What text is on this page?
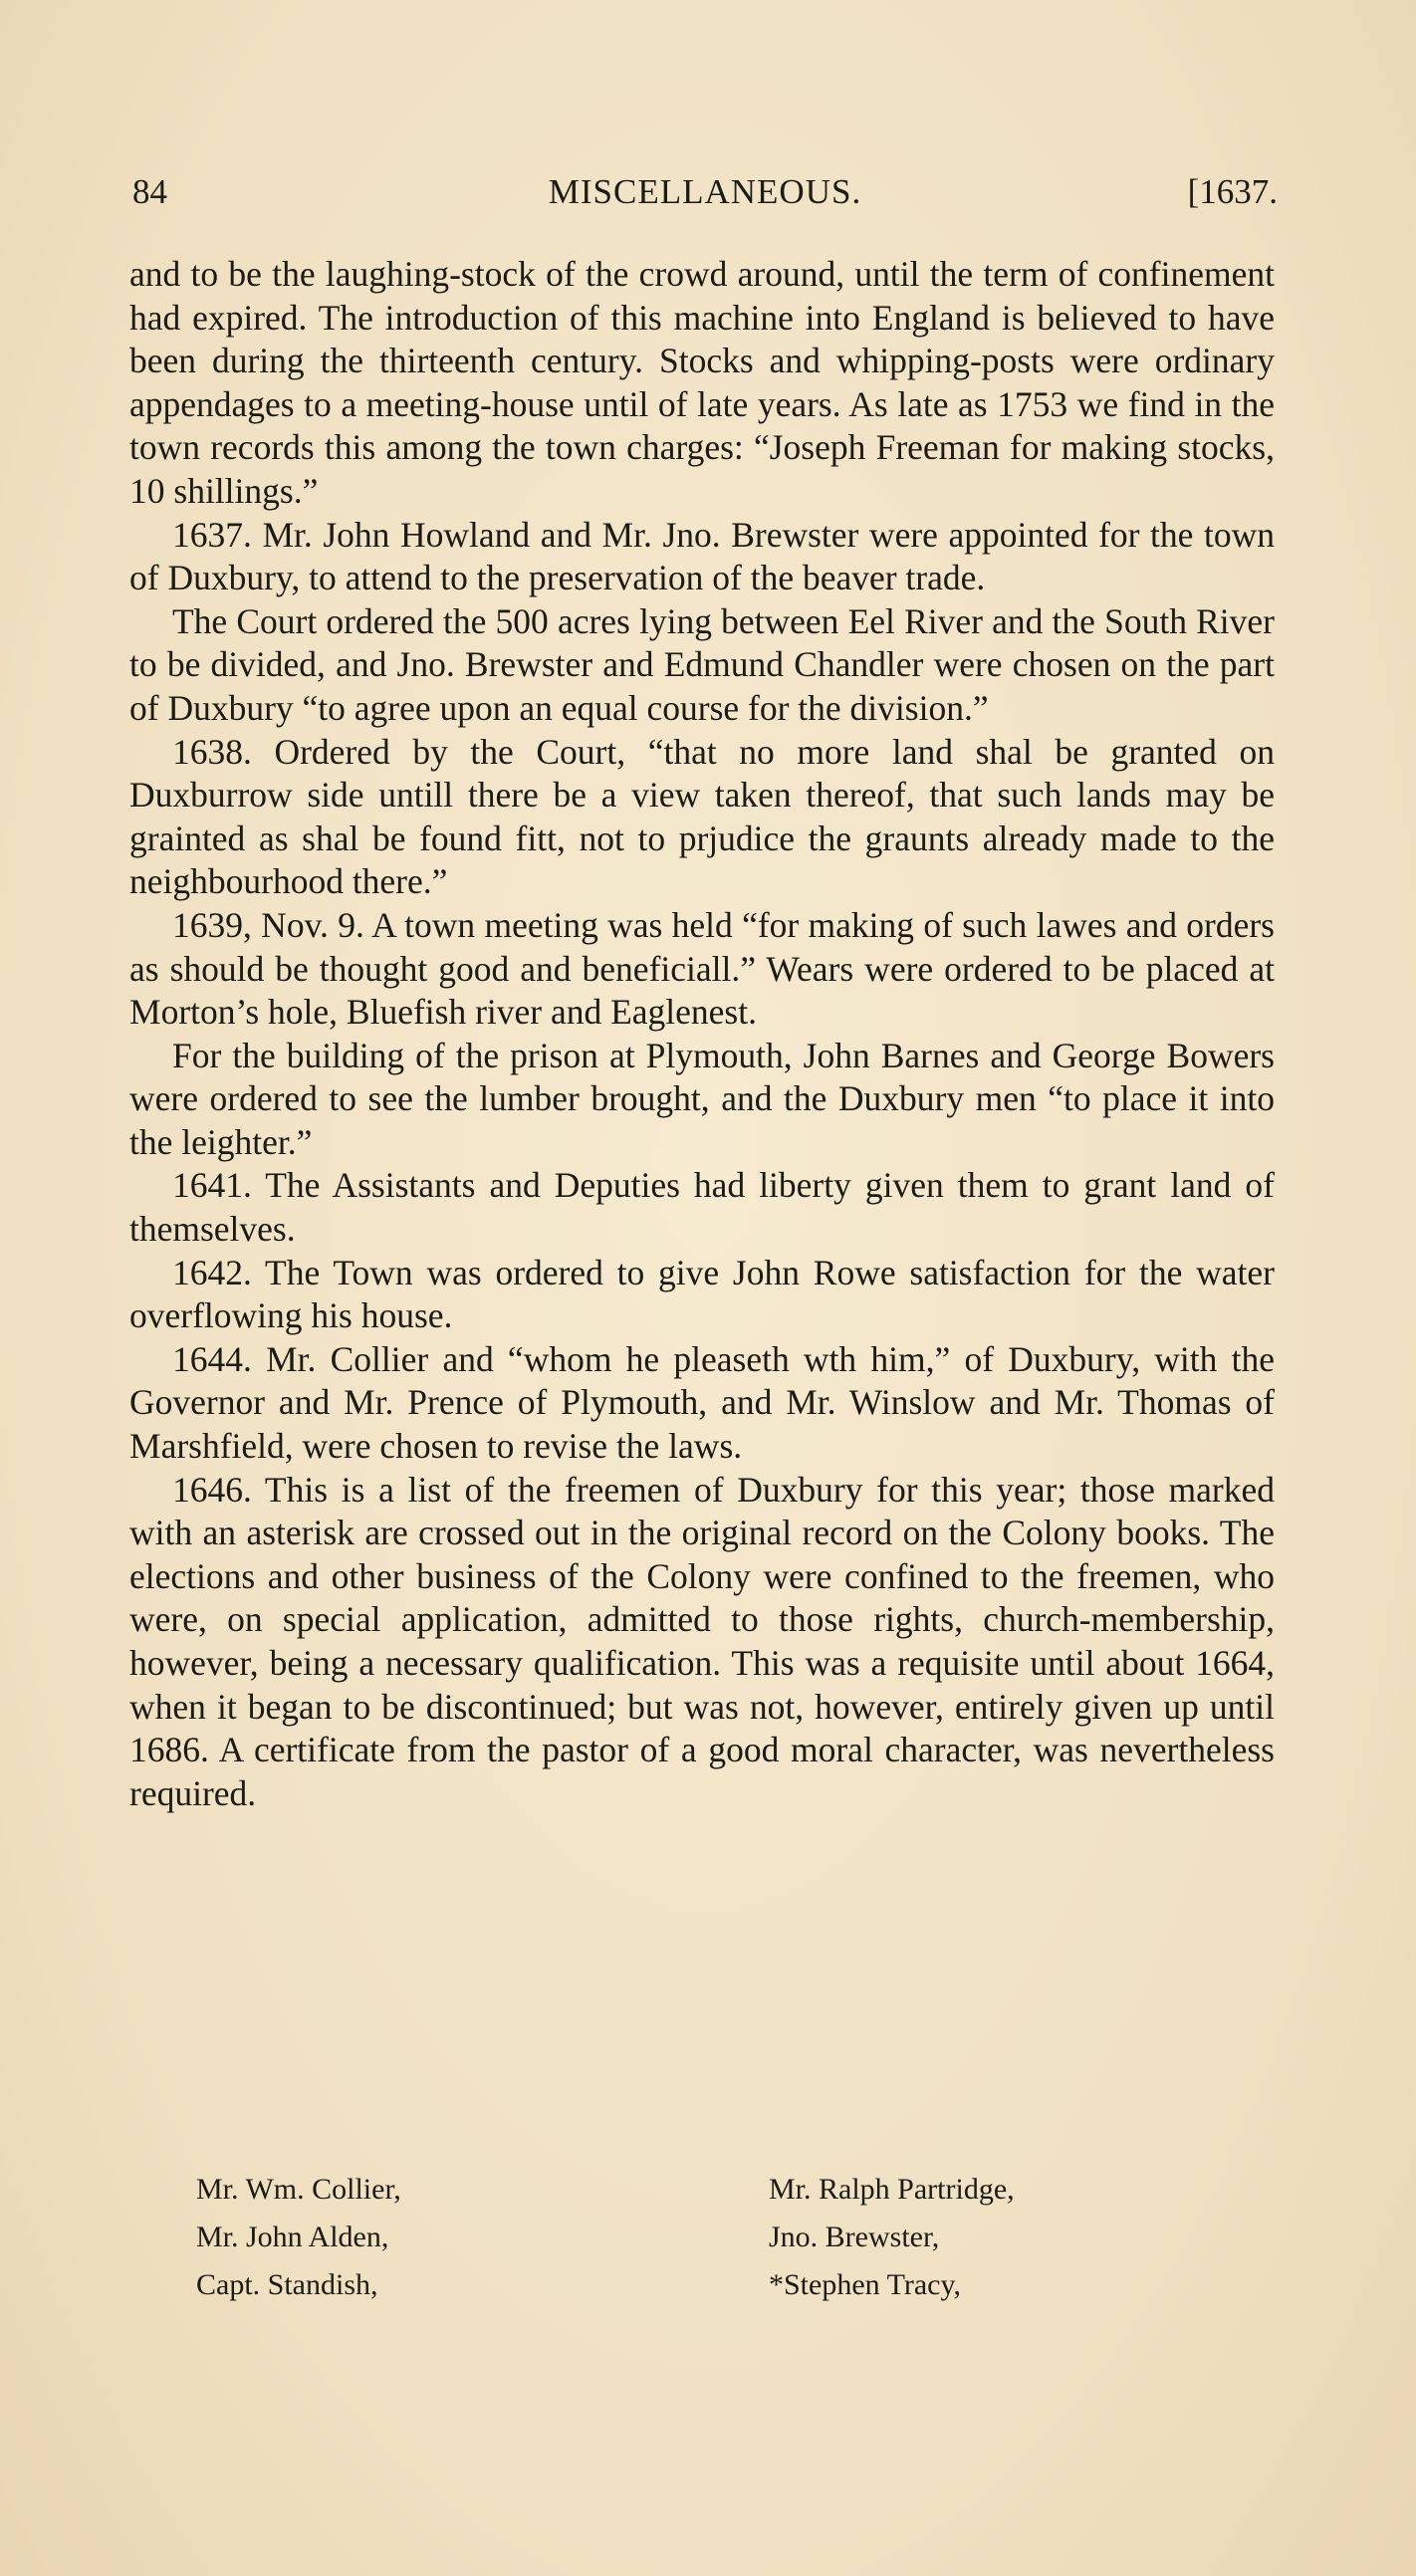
84	MISCELLANEOUS.	[1637.

and to be the laughing-stock of the crowd around, until the term of confinement had expired. The introduction of this machine into England is believed to have been during the thirteenth century. Stocks and whipping-posts were ordinary appendages to a meeting-house until of late years. As late as 1753 we find in the town records this among the town charges: “Joseph Freeman for making stocks, 10 shillings.”

1637. Mr. John Howland and Mr. Jno. Brewster were appointed for the town of Duxbury, to attend to the preservation of the beaver trade.

The Court ordered the 500 acres lying between Eel River and the South River to be divided, and Jno. Brewster and Edmund Chandler were chosen on the part of Duxbury “to agree upon an equal course for the division.”

1638. Ordered by the Court, “that no more land shal be granted on Duxburrow side untill there be a view taken thereof, that such lands may be grainted as shal be found fitt, not to prjudice the graunts already made to the neighbourhood there.”

1639, Nov. 9. A town meeting was held “for making of such lawes and orders as should be thought good and beneficiall.” Wears were ordered to be placed at Morton’s hole, Bluefish river and Eaglenest.

For the building of the prison at Plymouth, John Barnes and George Bowers were ordered to see the lumber brought, and the Duxbury men “to place it into the leighter.”

1641. The Assistants and Deputies had liberty given them to grant land of themselves.

1642. The Town was ordered to give John Rowe satisfaction for the water overflowing his house.

1644. Mr. Collier and “whom he pleaseth wth him,” of Duxbury, with the Governor and Mr. Prence of Plymouth, and Mr. Winslow and Mr. Thomas of Marshfield, were chosen to revise the laws.

1646. This is a list of the freemen of Duxbury for this year; those marked with an asterisk are crossed out in the original record on the Colony books. The elections and other business of the Colony were confined to the freemen, who were, on special application, admitted to those rights, church-membership, however, being a necessary qualification. This was a requisite until about 1664, when it began to be discontinued; but was not, however, entirely given up until 1686. A certificate from the pastor of a good moral character, was nevertheless required.

Mr. Wm. Collier,
Mr. John Alden,
Capt. Standish,
Mr. Ralph Partridge,
Jno. Brewster,
*Stephen Tracy,
